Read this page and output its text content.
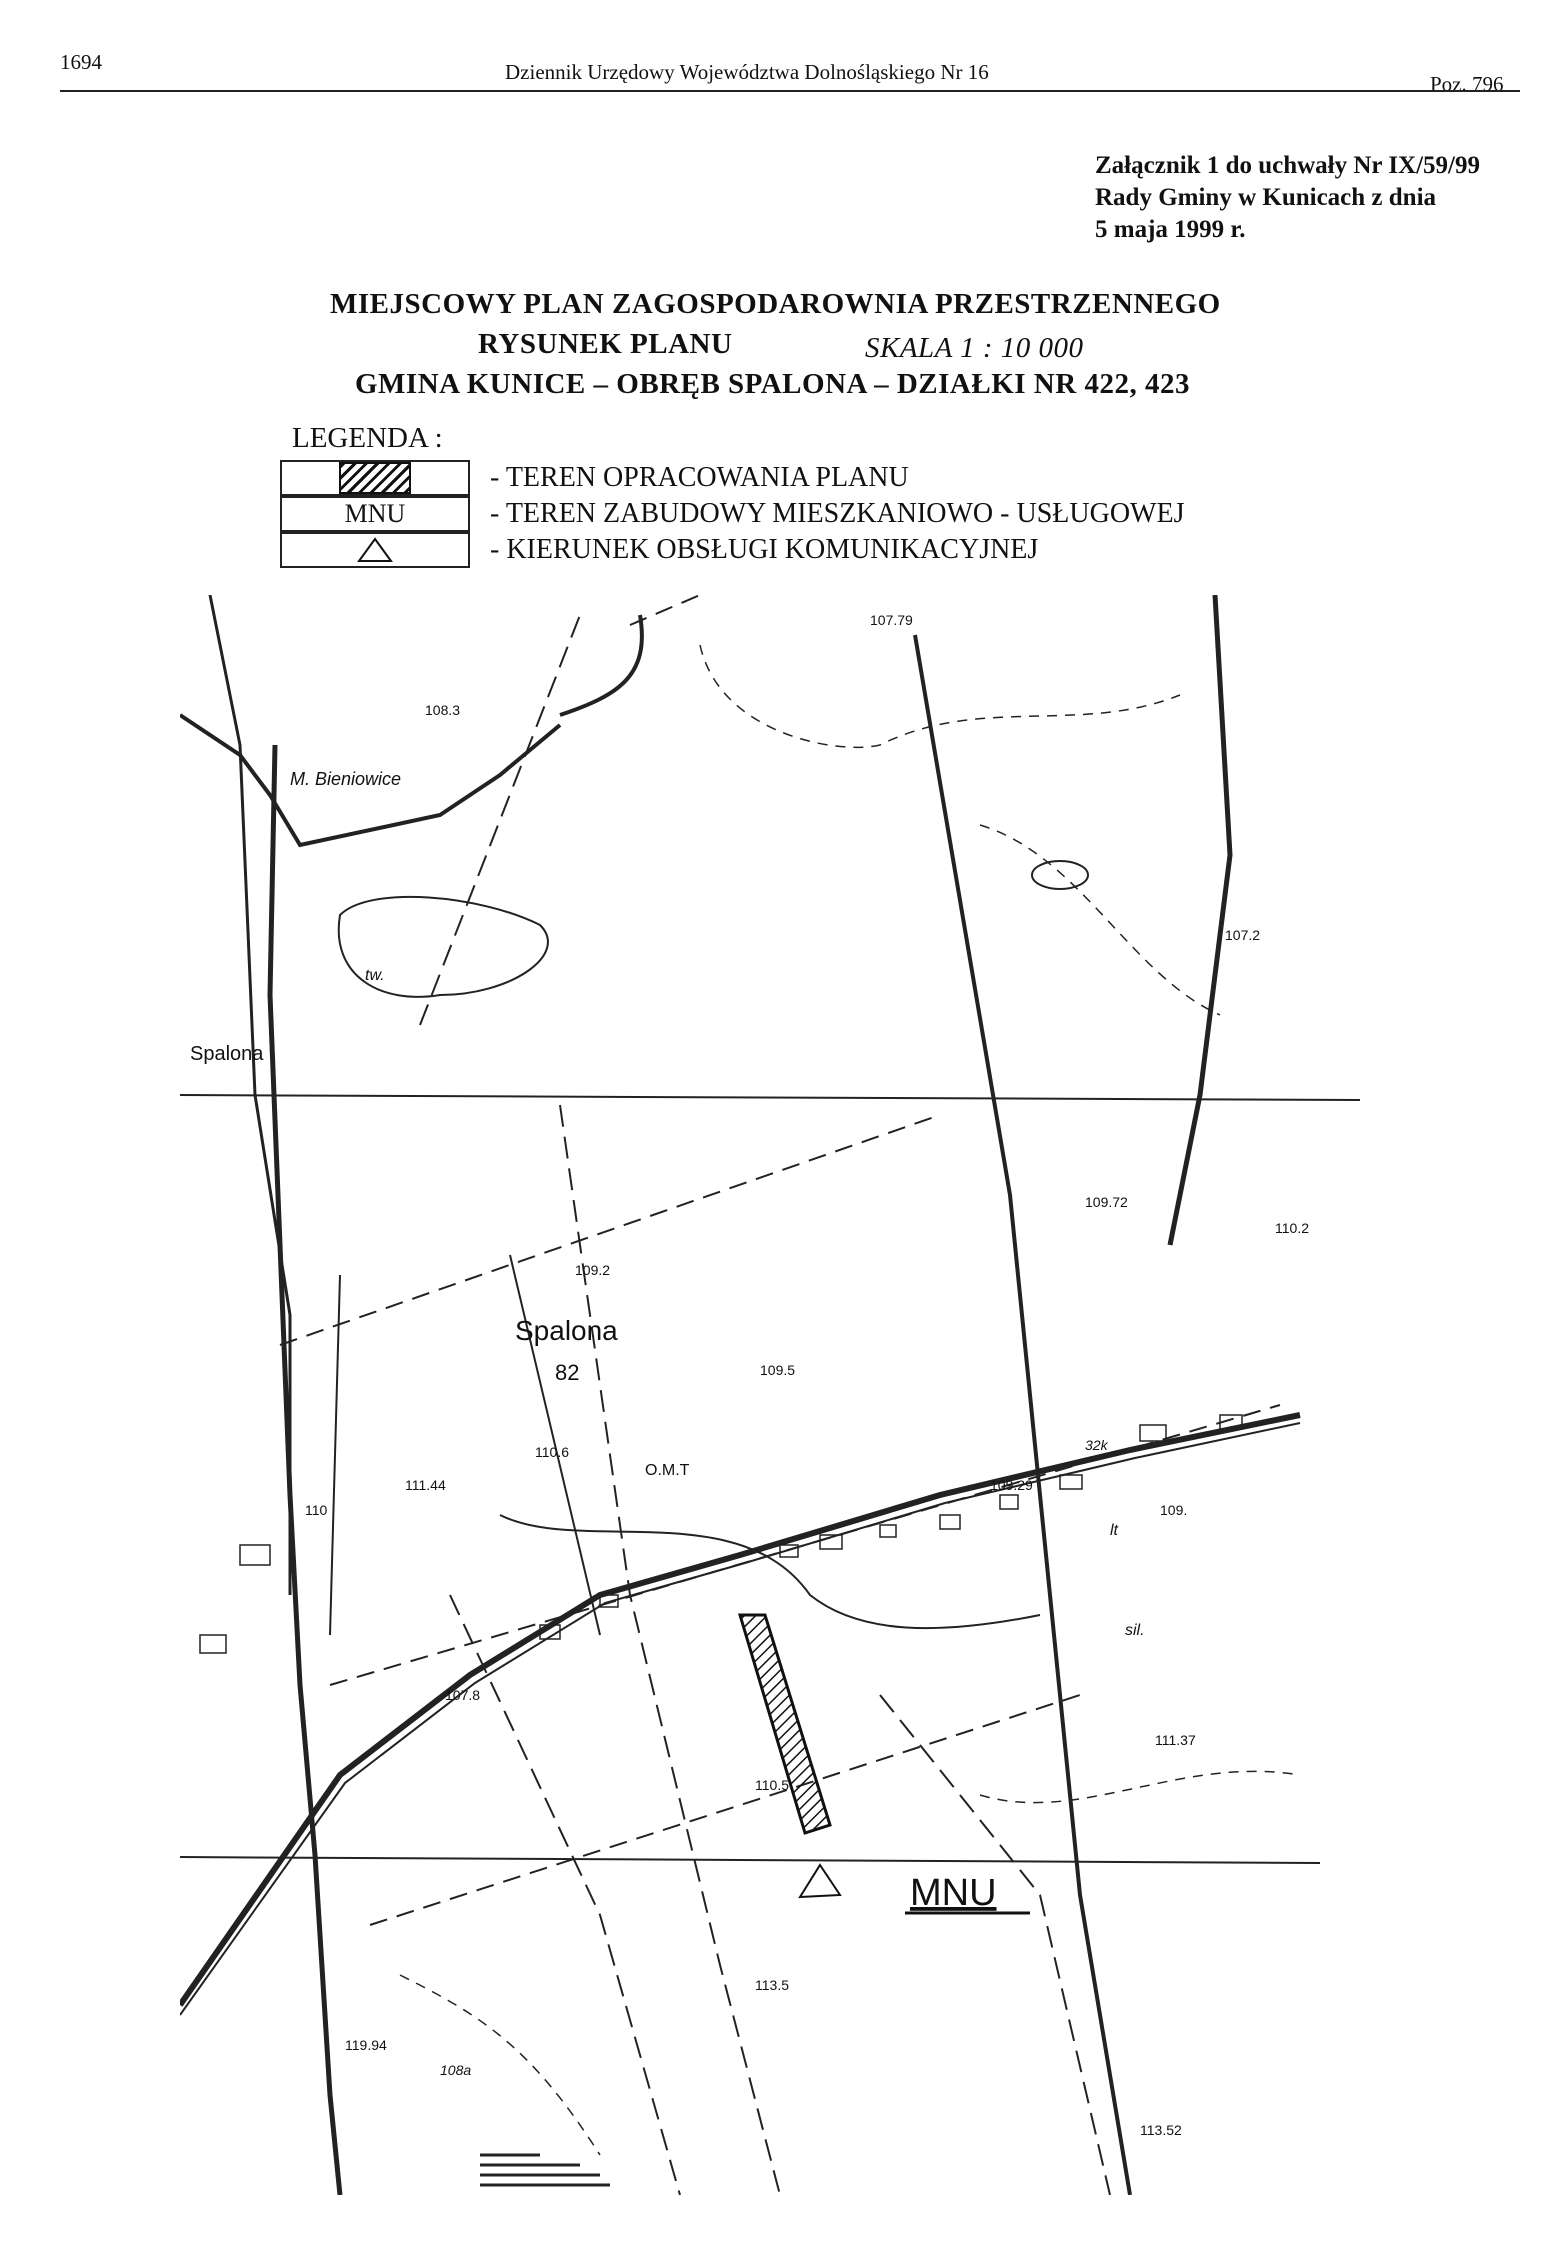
1694	Dziennik Urzędowy Województwa Dolnośląskiego Nr 16	Poz. 796
Załącznik 1 do uchwały Nr IX/59/99
Rady Gminy w Kunicach z dnia
5 maja 1999 r.
MIEJSCOWY PLAN ZAGOSPODAROWNIA PRZESTRZENNEGO
RYSUNEK PLANU	SKALA 1 : 10 000
GMINA KUNICE – OBRĘB SPALONA – DZIAŁKI NR 422, 423
LEGENDA :
- TEREN OPRACOWANIA PLANU
MNU	- TEREN ZABUDOWY MIESZKANIOWO - USŁUGOWEJ
- KIERUNEK OBSŁUGI KOMUNIKACYJNEJ
M. Bieniowice
Spalona
Spalona
82
O.M.T
tw.
sil.
lt
MNU
107.79
108.3
107.2
109.72
110.2
109.2
109.5
110.6
111.44	109.29
109.
107.8
110.5
111.37
113.5
119.94
113.52
110
108a
32k
